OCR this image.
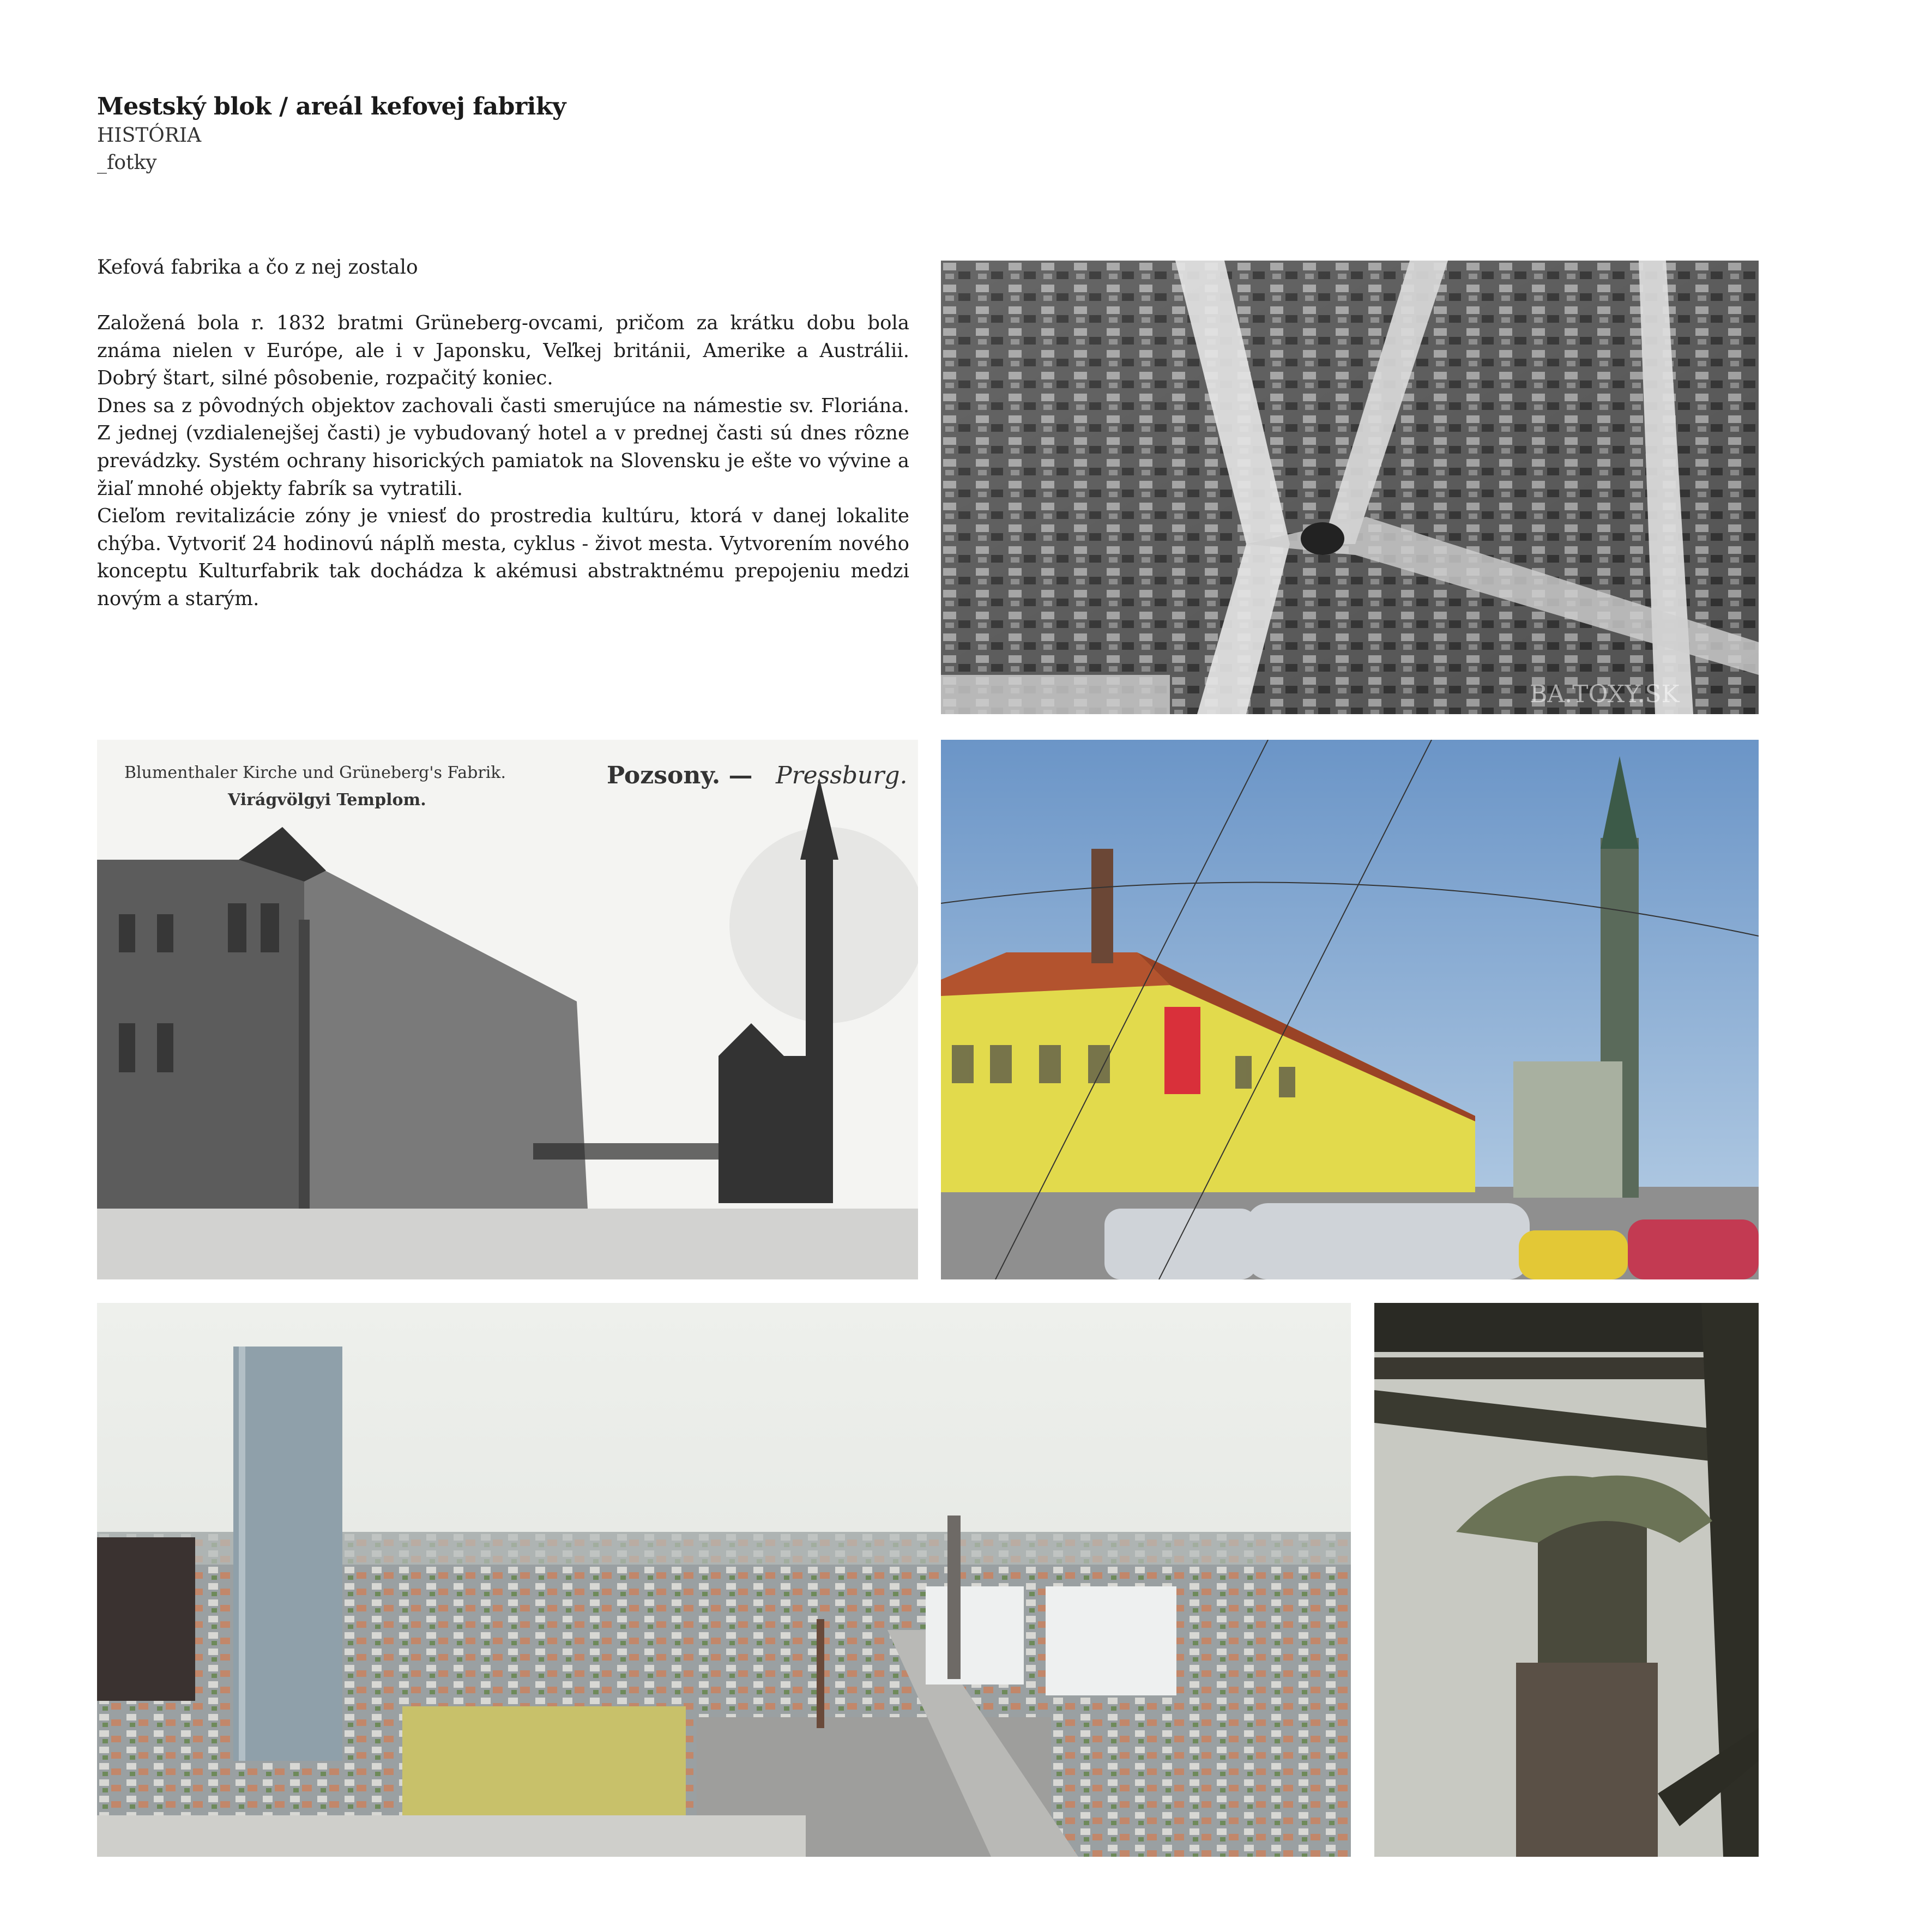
Mestský blok / areál kefovej fabriky
HISTÓRIA
_fotky
Kefová fabrika a čo z nej zostalo

Založená bola r. 1832 bratmi Grüneberg-ovcami, pričom za krátku dobu bola známa nielen v Európe, ale i v Japonsku, Veľkej británii, Amerike a Austrálii. Dobrý štart, silné pôsobenie, rozpačitý koniec.

Dnes sa z pôvodných objektov zachovali časti smerujúce na námestie sv. Floriána. Z jednej (vzdialenejšej časti) je vybudovaný hotel a v prednej časti sú dnes rôzne prevádzky. Systém ochrany hisorických pamiatok na Slovensku je ešte vo vývine a žiaľ mnohé objekty fabrík sa vytratili.

Cieľom revitalizácie zóny je vniesť do prostredia kultúru, ktorá v danej lokalite chýba. Vytvoriť 24 hodinovú náplň mesta, cyklus - život mesta. Vytvorením nového konceptu Kulturfabrik tak dochádza k akémusi abstraktnému prepojeniu medzi novým a starým.

BA.TOXY.SK
Blumenthaler Kirche und Grüneberg's Fabrik.
Virágvölgyi Templom.
Pozsony. — Pressburg.
